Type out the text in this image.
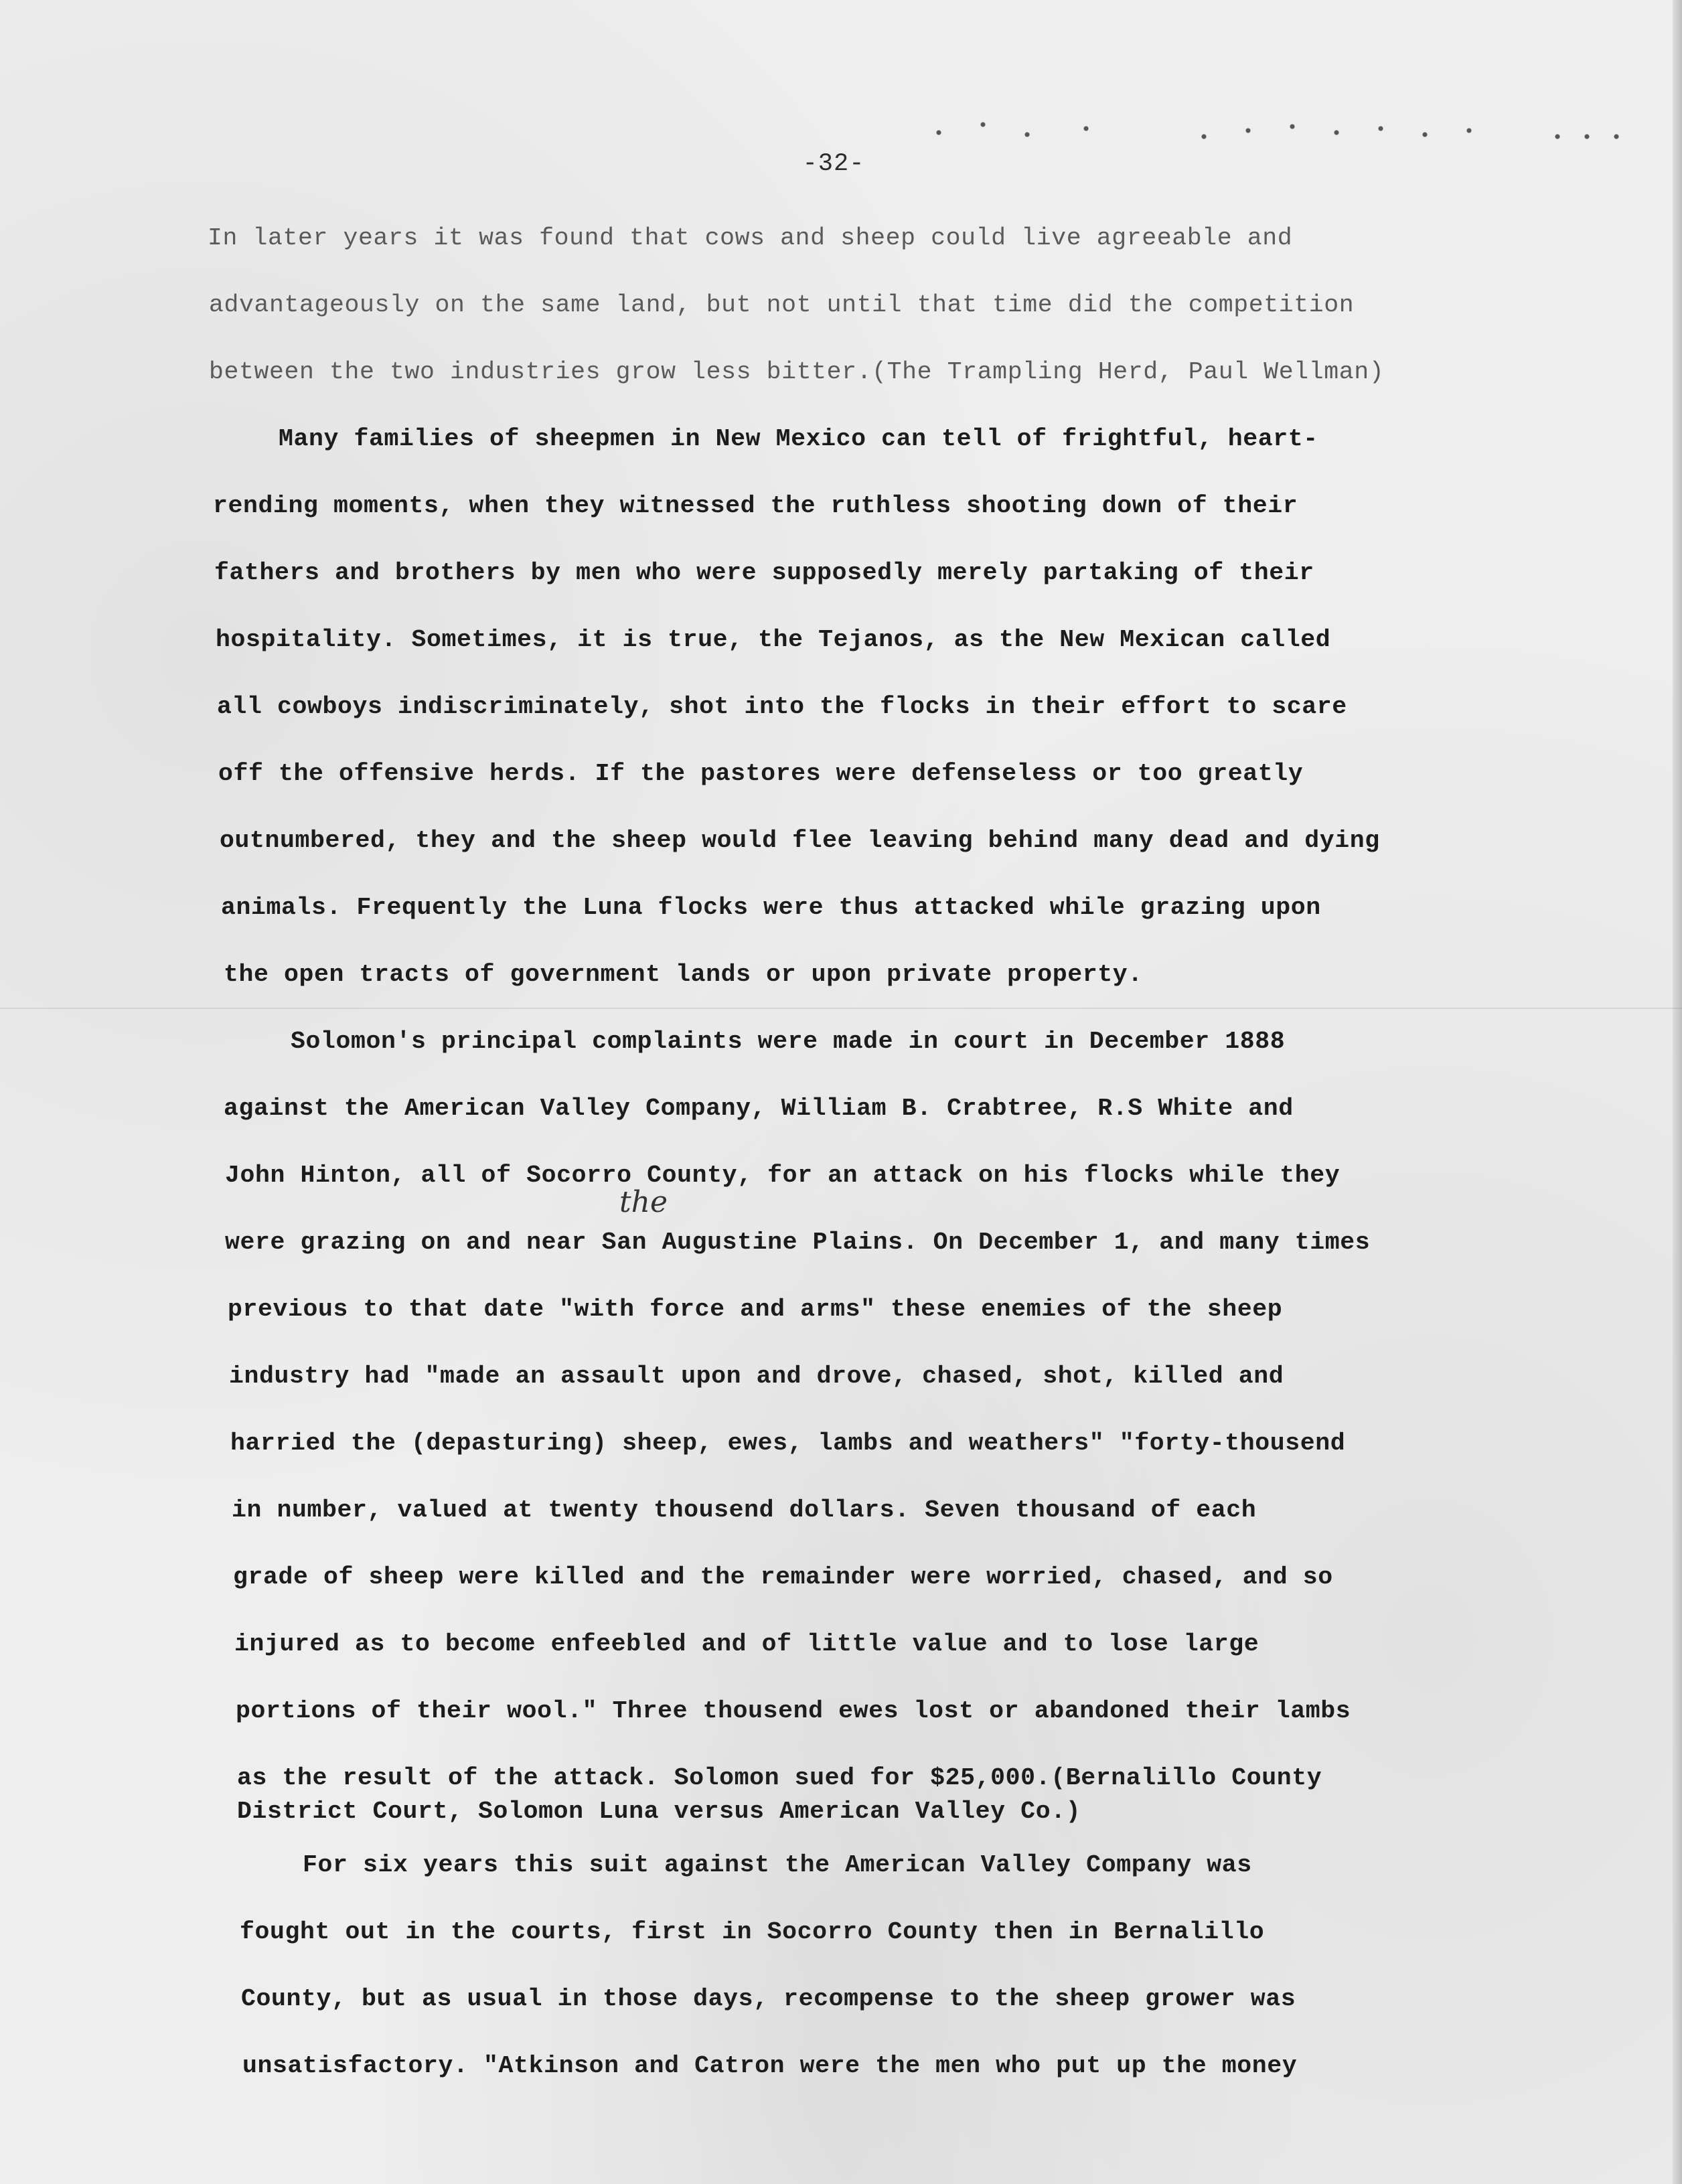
-32-
In later years it was found that cows and sheep could live agreeable and
advantageously on the same land, but not until that time did the competition
between the two industries grow less bitter.(The Trampling Herd, Paul Wellman)
Many families of sheepmen in New Mexico can tell of frightful, heart-
rending moments, when they witnessed the ruthless shooting down of their
fathers and brothers by men who were supposedly merely partaking of their
hospitality. Sometimes, it is true, the Tejanos, as the New Mexican called
all cowboys indiscriminately, shot into the flocks in their effort to scare
off the offensive herds. If the pastores were defenseless or too greatly
outnumbered, they and the sheep would flee leaving behind many dead and dying
animals. Frequently the Luna flocks were thus attacked while grazing upon
the open tracts of government lands or upon private property.
Solomon's principal complaints were made in court in December 1888
against the American Valley Company, William B. Crabtree, R.S White and
John Hinton, all of Socorro County, for an attack on his flocks while they
the
were grazing on and near San Augustine Plains. On December 1, and many times
previous to that date "with force and arms" these enemies of the sheep
industry had "made an assault upon and drove, chased, shot, killed and
harried the (depasturing) sheep, ewes, lambs and weathers" "forty-thousend
in number, valued at twenty thousend dollars. Seven thousand of each
grade of sheep were killed and the remainder were worried, chased, and so
injured as to become enfeebled and of little value and to lose large
portions of their wool." Three thousend ewes lost or abandoned their lambs
as the result of the attack. Solomon sued for $25,000.(Bernalillo County
District Court, Solomon Luna versus American Valley Co.)
For six years this suit against the American Valley Company was
fought out in the courts, first in Socorro County then in Bernalillo
County, but as usual in those days, recompense to the sheep grower was
unsatisfactory. "Atkinson and Catron were the men who put up the money
